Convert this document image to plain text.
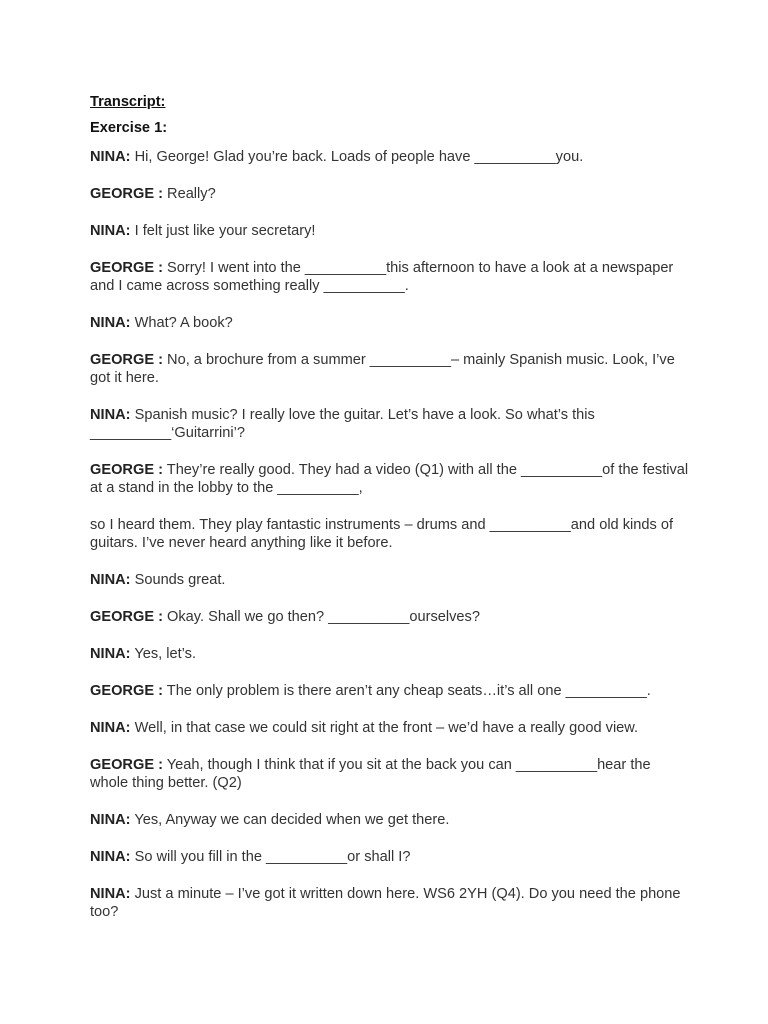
Transcript:

Exercise 1:

NINA: Hi, George! Glad you’re back. Loads of people have __________you.

GEORGE : Really?

NINA: I felt just like your secretary!

GEORGE : Sorry! I went into the __________this afternoon to have a look at a newspaper and I came across something really __________.

NINA: What? A book?

GEORGE : No, a brochure from a summer __________– mainly Spanish music. Look, I’ve got it here.

NINA: Spanish music? I really love the guitar. Let’s have a look. So what’s this __________‘Guitarrini’?

GEORGE : They’re really good. They had a video (Q1) with all the __________of the festival at a stand in the lobby to the __________,

so I heard them. They play fantastic instruments – drums and __________and old kinds of guitars. I’ve never heard anything like it before.

NINA: Sounds great.

GEORGE : Okay. Shall we go then? __________ourselves?

NINA: Yes, let’s.

GEORGE : The only problem is there aren’t any cheap seats…it’s all one __________.

NINA: Well, in that case we could sit right at the front – we’d have a really good view.

GEORGE : Yeah, though I think that if you sit at the back you can __________hear the whole thing better. (Q2)

NINA: Yes, Anyway we can decided when we get there.

NINA: So will you fill in the __________or shall I?

NINA: Just a minute – I’ve got it written down here. WS6 2YH (Q4). Do you need the phone too?
